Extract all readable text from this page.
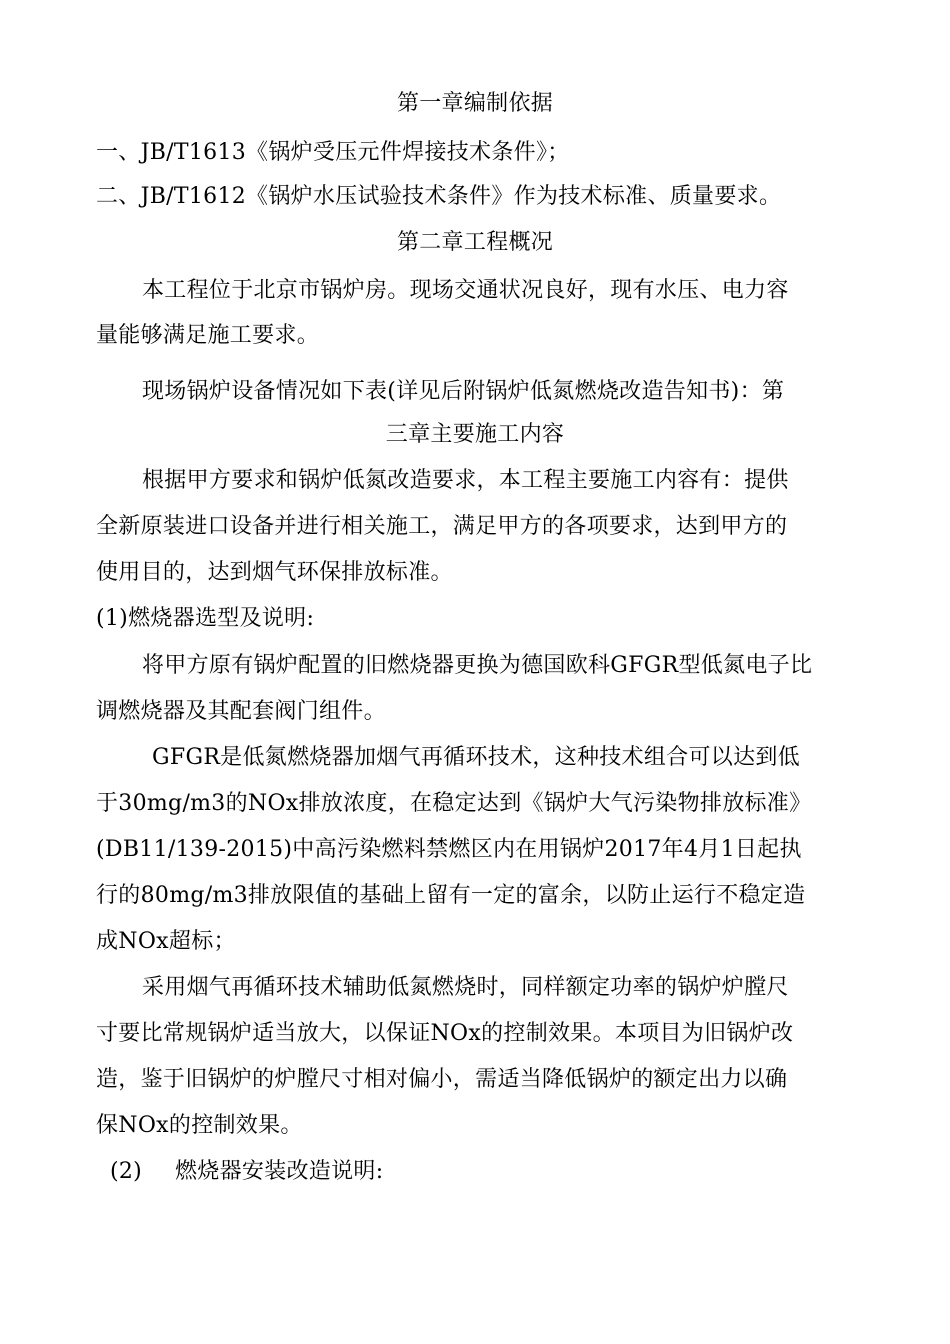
第一章编制依据
一、JB/T1613《锅炉受压元件焊接技术条件》；
二、JB/T1612《锅炉水压试验技术条件》作为技术标准、质量要求。
第二章工程概况
本工程位于北京市锅炉房。现场交通状况良好，现有水压、电力容
量能够满足施工要求。
现场锅炉设备情况如下表(详见后附锅炉低氮燃烧改造告知书)：第
三章主要施工内容
根据甲方要求和锅炉低氮改造要求，本工程主要施工内容有：提供
全新原装进口设备并进行相关施工，满足甲方的各项要求，达到甲方的
使用目的，达到烟气环保排放标准。
(1)燃烧器选型及说明:
将甲方原有锅炉配置的旧燃烧器更换为德国欧科GFGR型低氮电子比
调燃烧器及其配套阀门组件。
GFGR是低氮燃烧器加烟气再循环技术，这种技术组合可以达到低
于30mg/m3的NOx排放浓度，在稳定达到《锅炉大气污染物排放标准》
(DB11/139-2015)中高污染燃料禁燃区内在用锅炉2017年4月1日起执
行的80mg/m3排放限值的基础上留有一定的富余，以防止运行不稳定造
成NOx超标；
采用烟气再循环技术辅助低氮燃烧时，同样额定功率的锅炉炉膛尺
寸要比常规锅炉适当放大，以保证NOx的控制效果。本项目为旧锅炉改
造，鉴于旧锅炉的炉膛尺寸相对偏小，需适当降低锅炉的额定出力以确
保NOx的控制效果。
(2) 燃烧器安装改造说明:
